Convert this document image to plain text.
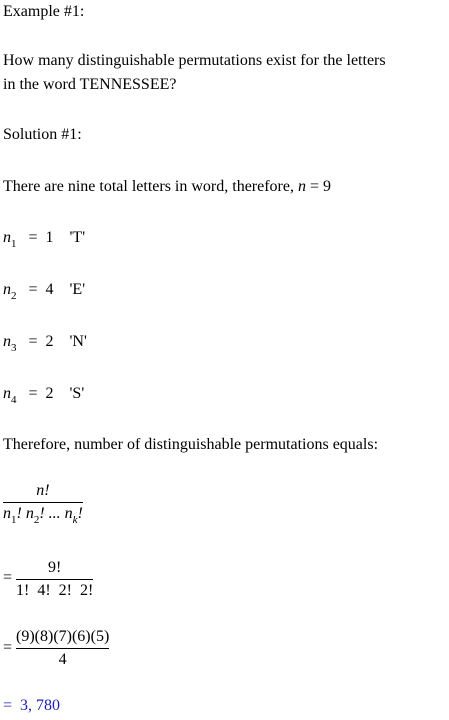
Example #1:
How many distinguishable permutations exist for the letters
in the word TENNESSEE?
Solution #1:
There are nine total letters in word, therefore, n = 9
$n_1 = 1$ 'T'
$n_2 = 4$ 'E'
$n_3 = 2$ 'N'
$n_4 = 2$ 'S'
Therefore, number of distinguishable permutations equals:
n!
$n_1$! $n_2$! ... $n_k$!
=
9!
1!  4!  2!  2!
=
(9)(8)(7)(6)(5)
4
=  3, 780
